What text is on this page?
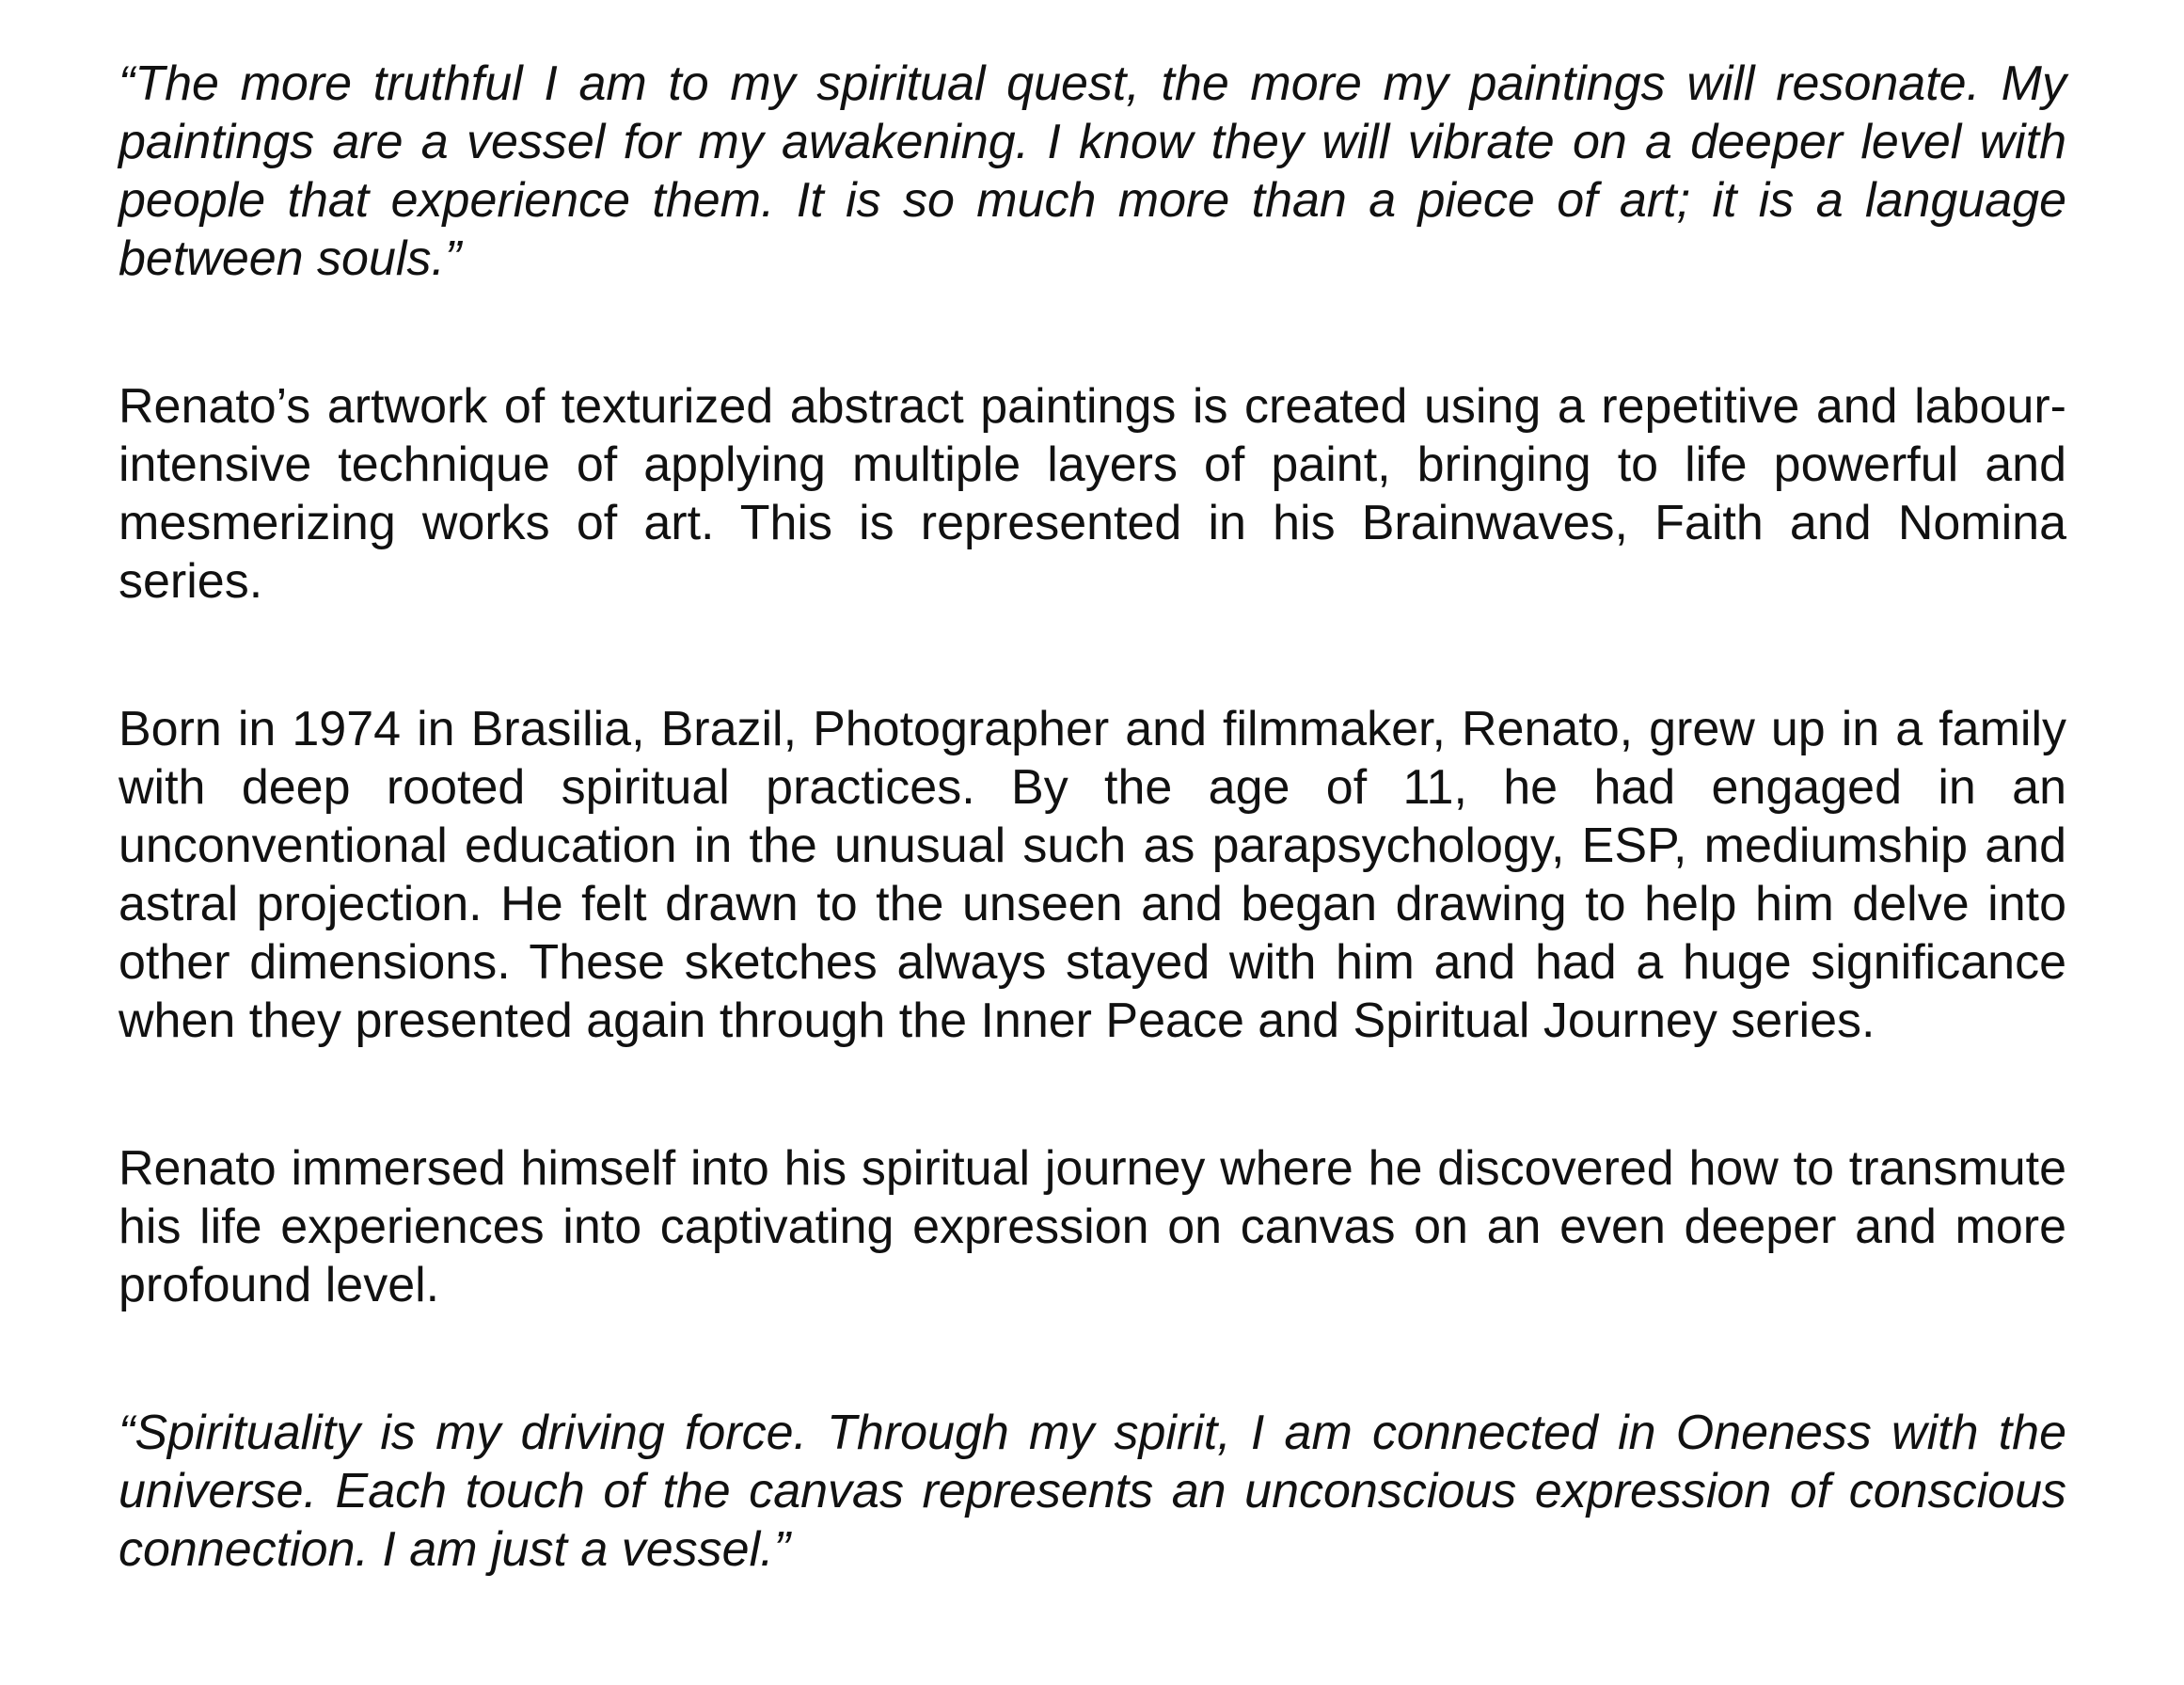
“The more truthful I am to my spiritual quest, the more my paintings will resonate. My paintings are a vessel for my awakening. I know they will vibrate on a deeper level with people that experience them. It is so much more than a piece of art; it is a language between souls.”

Renato’s artwork of texturized abstract paintings is created using a repetitive and labour-intensive technique of applying multiple layers of paint, bringing to life powerful and mesmerizing works of art. This is represented in his Brainwaves, Faith and Nomina series.

Born in 1974 in Brasilia, Brazil, Photographer and filmmaker, Renato, grew up in a family with deep rooted spiritual practices. By the age of 11, he had engaged in an unconventional education in the unusual such as parapsychology, ESP, mediumship and astral projection. He felt drawn to the unseen and began drawing to help him delve into other dimensions. These sketches always stayed with him and had a huge significance when they presented again through the Inner Peace and Spiritual Journey series.

Renato immersed himself into his spiritual journey where he discovered how to transmute his life experiences into captivating expression on canvas on an even deeper and more profound level.

“Spirituality is my driving force. Through my spirit, I am connected in Oneness with the universe. Each touch of the canvas represents an unconscious expression of conscious connection. I am just a vessel.”
